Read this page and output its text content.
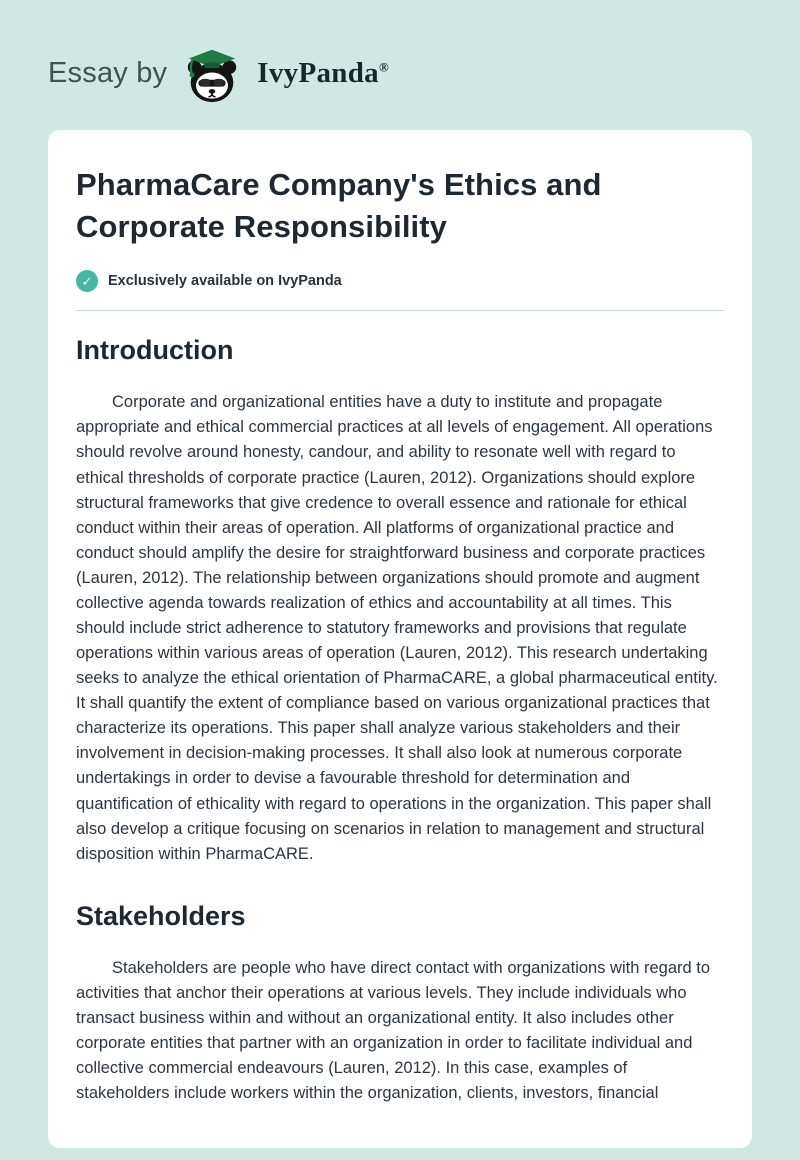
Essay by	IvyPanda®
PharmaCare Company's Ethics and Corporate Responsibility
✓	Exclusively available on IvyPanda
Introduction

Corporate and organizational entities have a duty to institute and propagate appropriate and ethical commercial practices at all levels of engagement. All operations should revolve around honesty, candour, and ability to resonate well with regard to ethical thresholds of corporate practice (Lauren, 2012). Organizations should explore structural frameworks that give credence to overall essence and rationale for ethical conduct within their areas of operation. All platforms of organizational practice and conduct should amplify the desire for straightforward business and corporate practices (Lauren, 2012). The relationship between organizations should promote and augment collective agenda towards realization of ethics and accountability at all times. This should include strict adherence to statutory frameworks and provisions that regulate operations within various areas of operation (Lauren, 2012). This research undertaking seeks to analyze the ethical orientation of PharmaCARE, a global pharmaceutical entity. It shall quantify the extent of compliance based on various organizational practices that characterize its operations. This paper shall analyze various stakeholders and their involvement in decision-making processes. It shall also look at numerous corporate undertakings in order to devise a favourable threshold for determination and quantification of ethicality with regard to operations in the organization. This paper shall also develop a critique focusing on scenarios in relation to management and structural disposition within PharmaCARE.

Stakeholders

Stakeholders are people who have direct contact with organizations with regard to activities that anchor their operations at various levels. They include individuals who transact business within and without an organizational entity. It also includes other corporate entities that partner with an organization in order to facilitate individual and collective commercial endeavours (Lauren, 2012). In this case, examples of stakeholders include workers within the organization, clients, investors, financial
